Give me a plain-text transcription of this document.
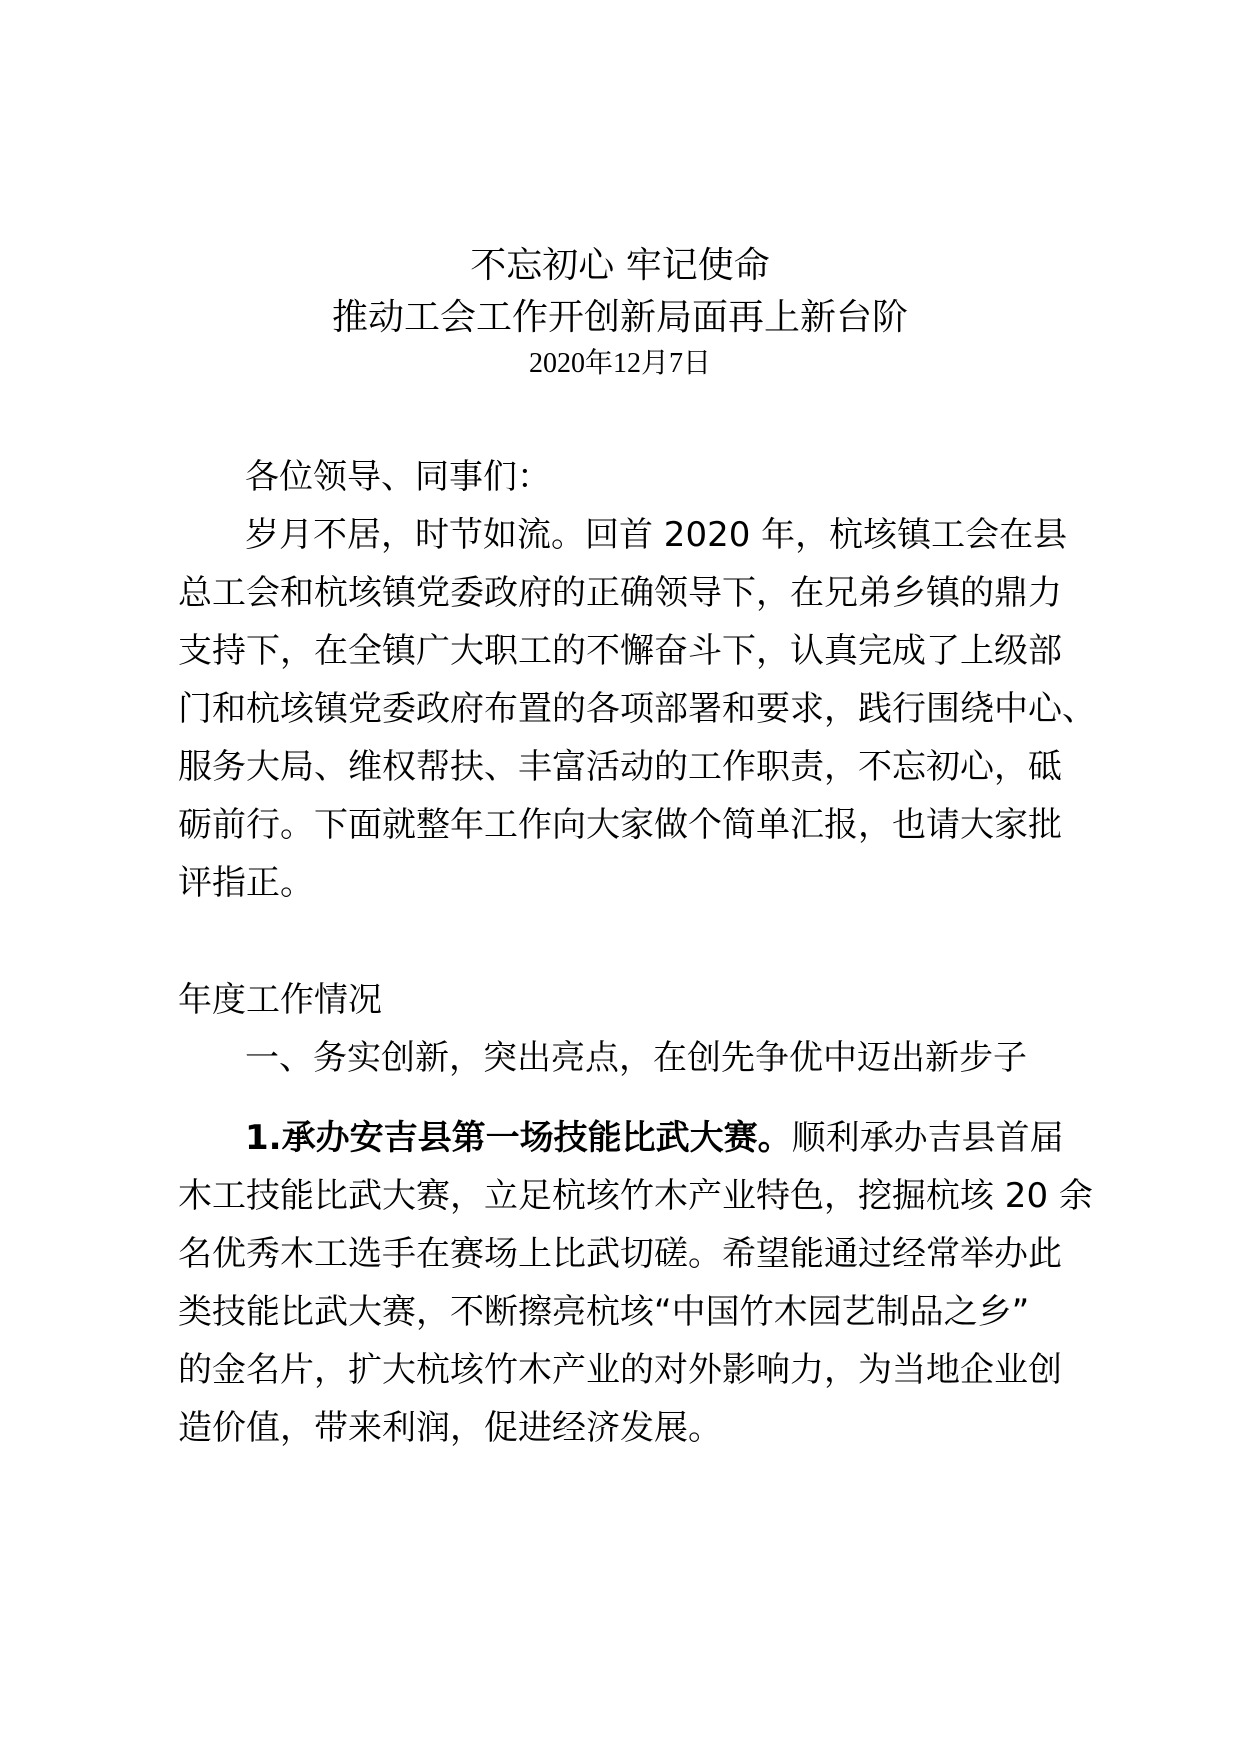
不忘初心 牢记使命
推动工会工作开创新局面再上新台阶
2020年12月7日
各位领导、同事们：
岁月不居，时节如流。回首 2020 年，杭垓镇工会在县
总工会和杭垓镇党委政府的正确领导下，在兄弟乡镇的鼎力
支持下，在全镇广大职工的不懈奋斗下，认真完成了上级部
门和杭垓镇党委政府布置的各项部署和要求，践行围绕中心、
服务大局、维权帮扶、丰富活动的工作职责，不忘初心，砥
砺前行。下面就整年工作向大家做个简单汇报，也请大家批
评指正。
年度工作情况
一、务实创新，突出亮点，在创先争优中迈出新步子
1.承办安吉县第一场技能比武大赛。顺利承办吉县首届
木工技能比武大赛，立足杭垓竹木产业特色，挖掘杭垓 20 余
名优秀木工选手在赛场上比武切磋。希望能通过经常举办此
类技能比武大赛，不断擦亮杭垓“中国竹木园艺制品之乡”
的金名片，扩大杭垓竹木产业的对外影响力，为当地企业创
造价值，带来利润，促进经济发展。
